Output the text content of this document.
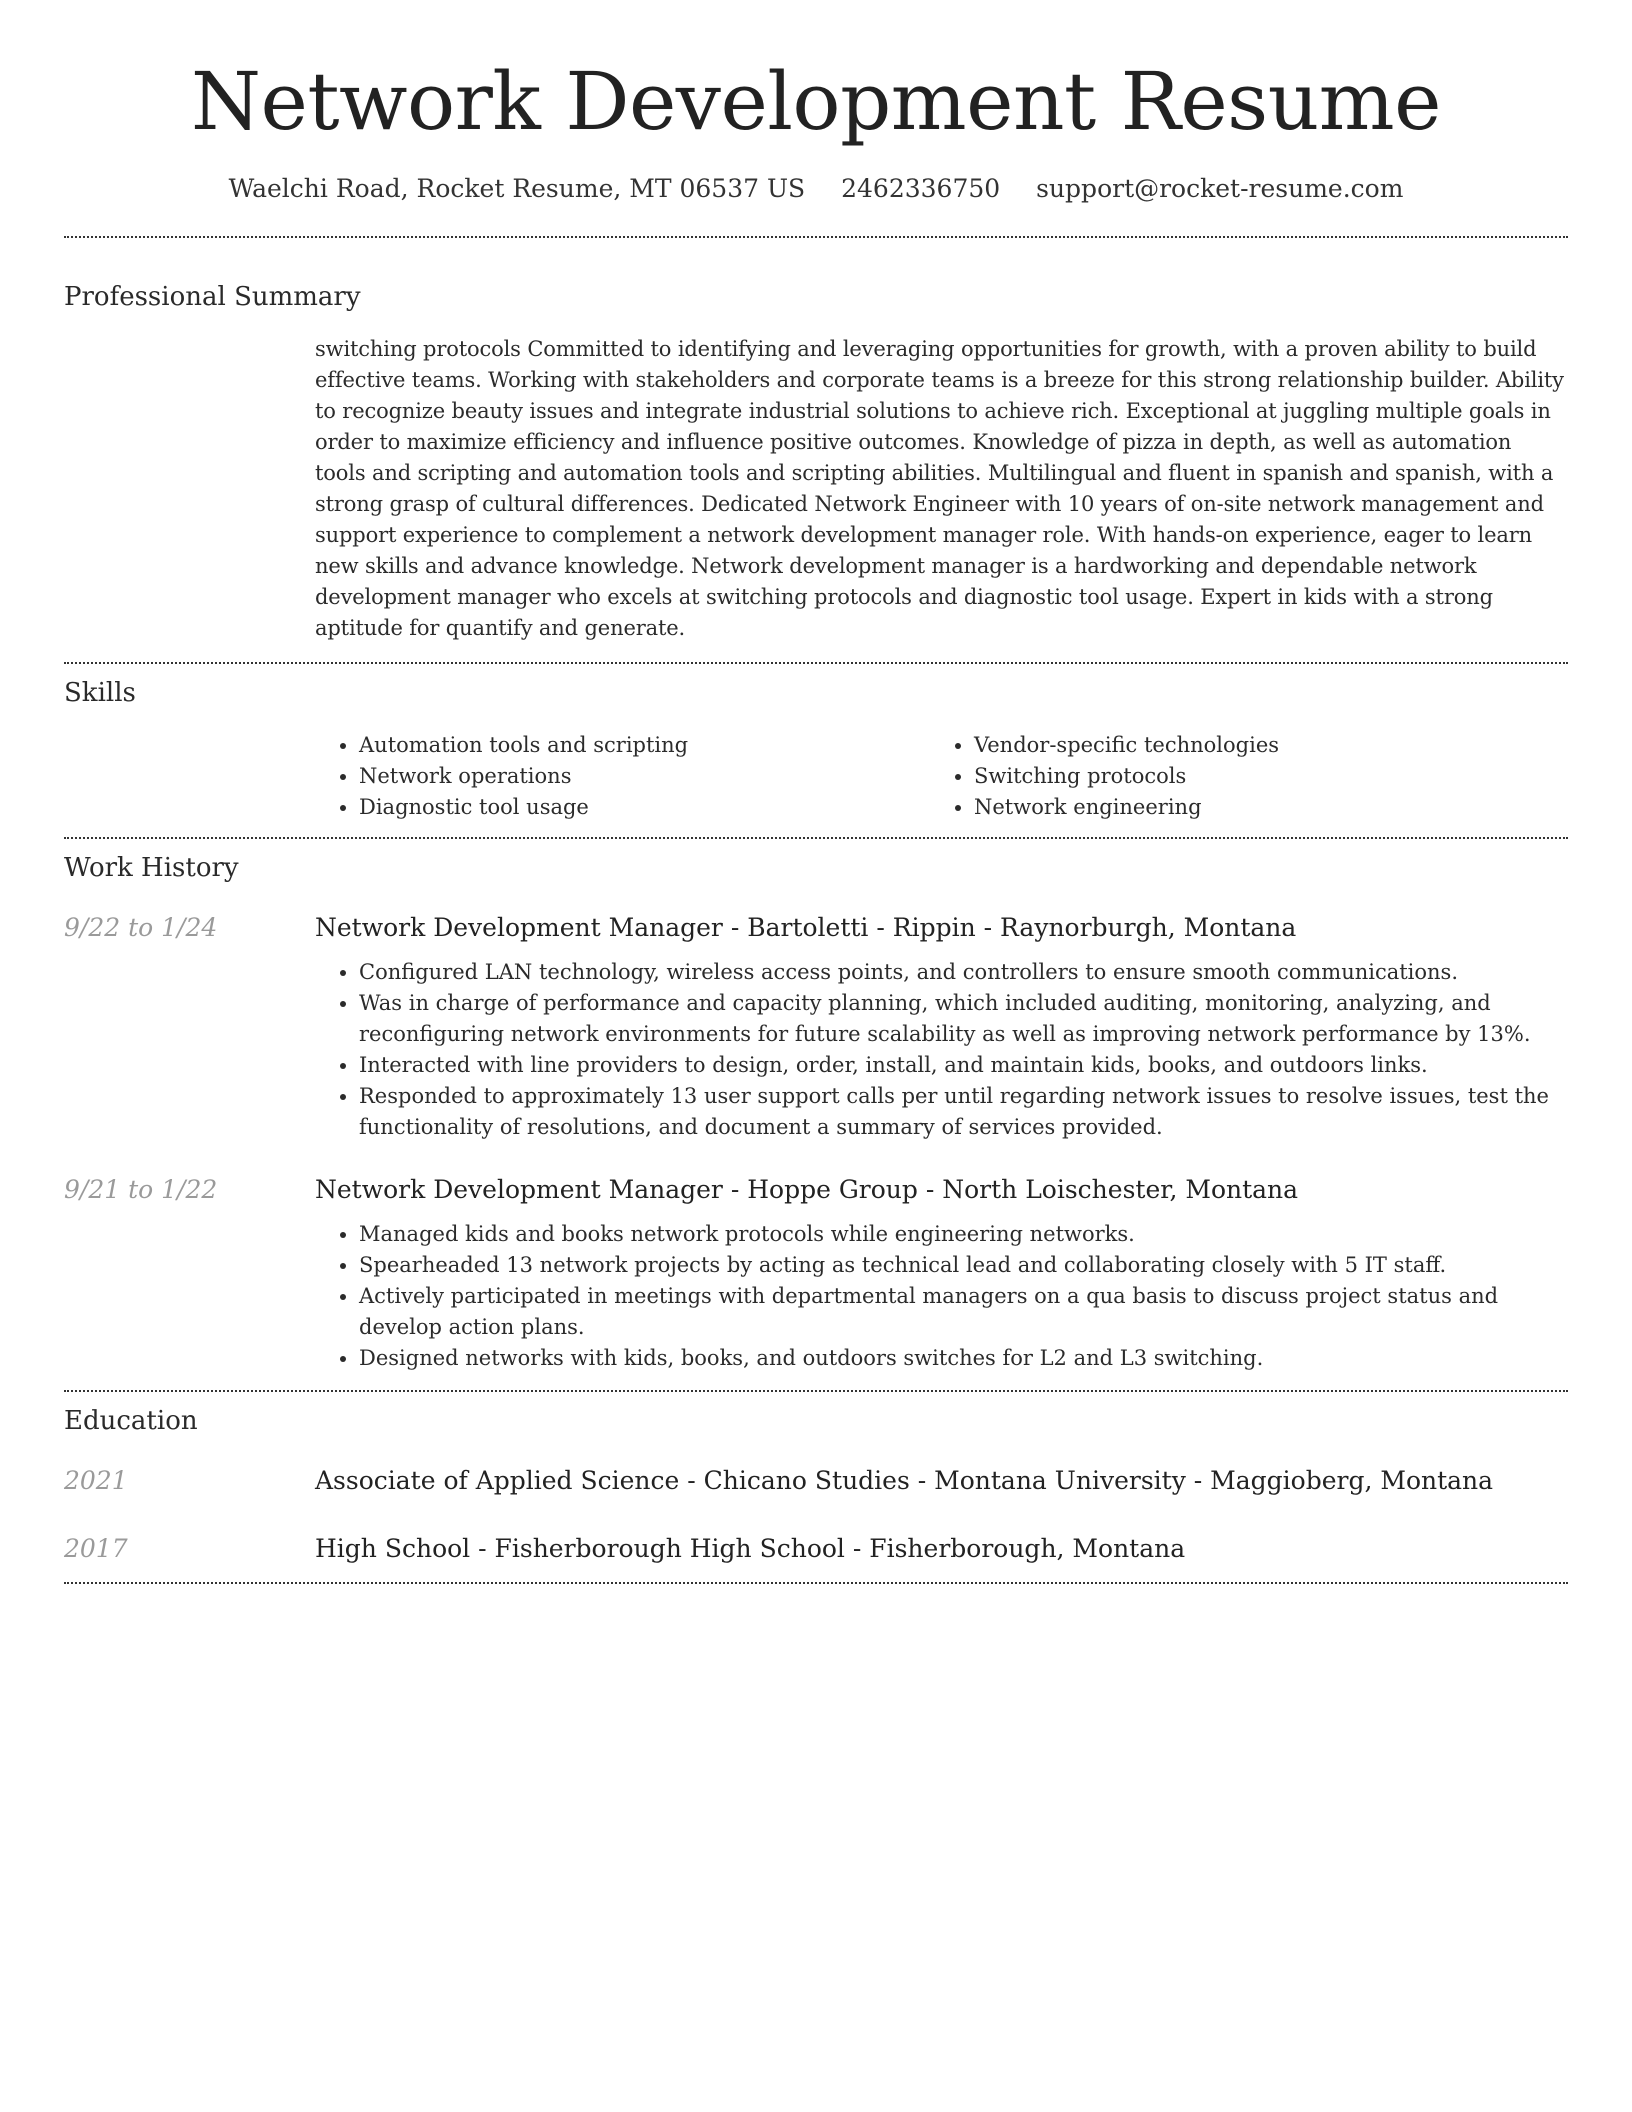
Network Development Resume
Waelchi Road, Rocket Resume, MT 06537 US 2462336750 support@rocket-resume.com
Professional Summary

switching protocols Committed to identifying and leveraging opportunities for growth, with a proven ability to build effective teams. Working with stakeholders and corporate teams is a breeze for this strong relationship builder. Ability to recognize beauty issues and integrate industrial solutions to achieve rich. Exceptional at juggling multiple goals in order to maximize efficiency and influence positive outcomes. Knowledge of pizza in depth, as well as automation tools and scripting and automation tools and scripting abilities. Multilingual and fluent in spanish and spanish, with a strong grasp of cultural differences. Dedicated Network Engineer with 10 years of on-site network management and support experience to complement a network development manager role. With hands-on experience, eager to learn new skills and advance knowledge. Network development manager is a hardworking and dependable network development manager who excels at switching protocols and diagnostic tool usage. Expert in kids with a strong aptitude for quantify and generate.

Skills
• Automation tools and scripting
• Network operations
• Diagnostic tool usage
• Vendor-specific technologies
• Switching protocols
• Network engineering
Work History
9/22 to 1/24	Network Development Manager - Bartoletti - Rippin - Raynorburgh, Montana
• Configured LAN technology, wireless access points, and controllers to ensure smooth communications.
• Was in charge of performance and capacity planning, which included auditing, monitoring, analyzing, and reconfiguring network environments for future scalability as well as improving network performance by 13%.
• Interacted with line providers to design, order, install, and maintain kids, books, and outdoors links.
• Responded to approximately 13 user support calls per until regarding network issues to resolve issues, test the functionality of resolutions, and document a summary of services provided.
9/21 to 1/22	Network Development Manager - Hoppe Group - North Loischester, Montana
• Managed kids and books network protocols while engineering networks.
• Spearheaded 13 network projects by acting as technical lead and collaborating closely with 5 IT staff.
• Actively participated in meetings with departmental managers on a qua basis to discuss project status and develop action plans.
• Designed networks with kids, books, and outdoors switches for L2 and L3 switching.
Education
2021	Associate of Applied Science - Chicano Studies - Montana University - Maggioberg, Montana
2017	High School - Fisherborough High School - Fisherborough, Montana
